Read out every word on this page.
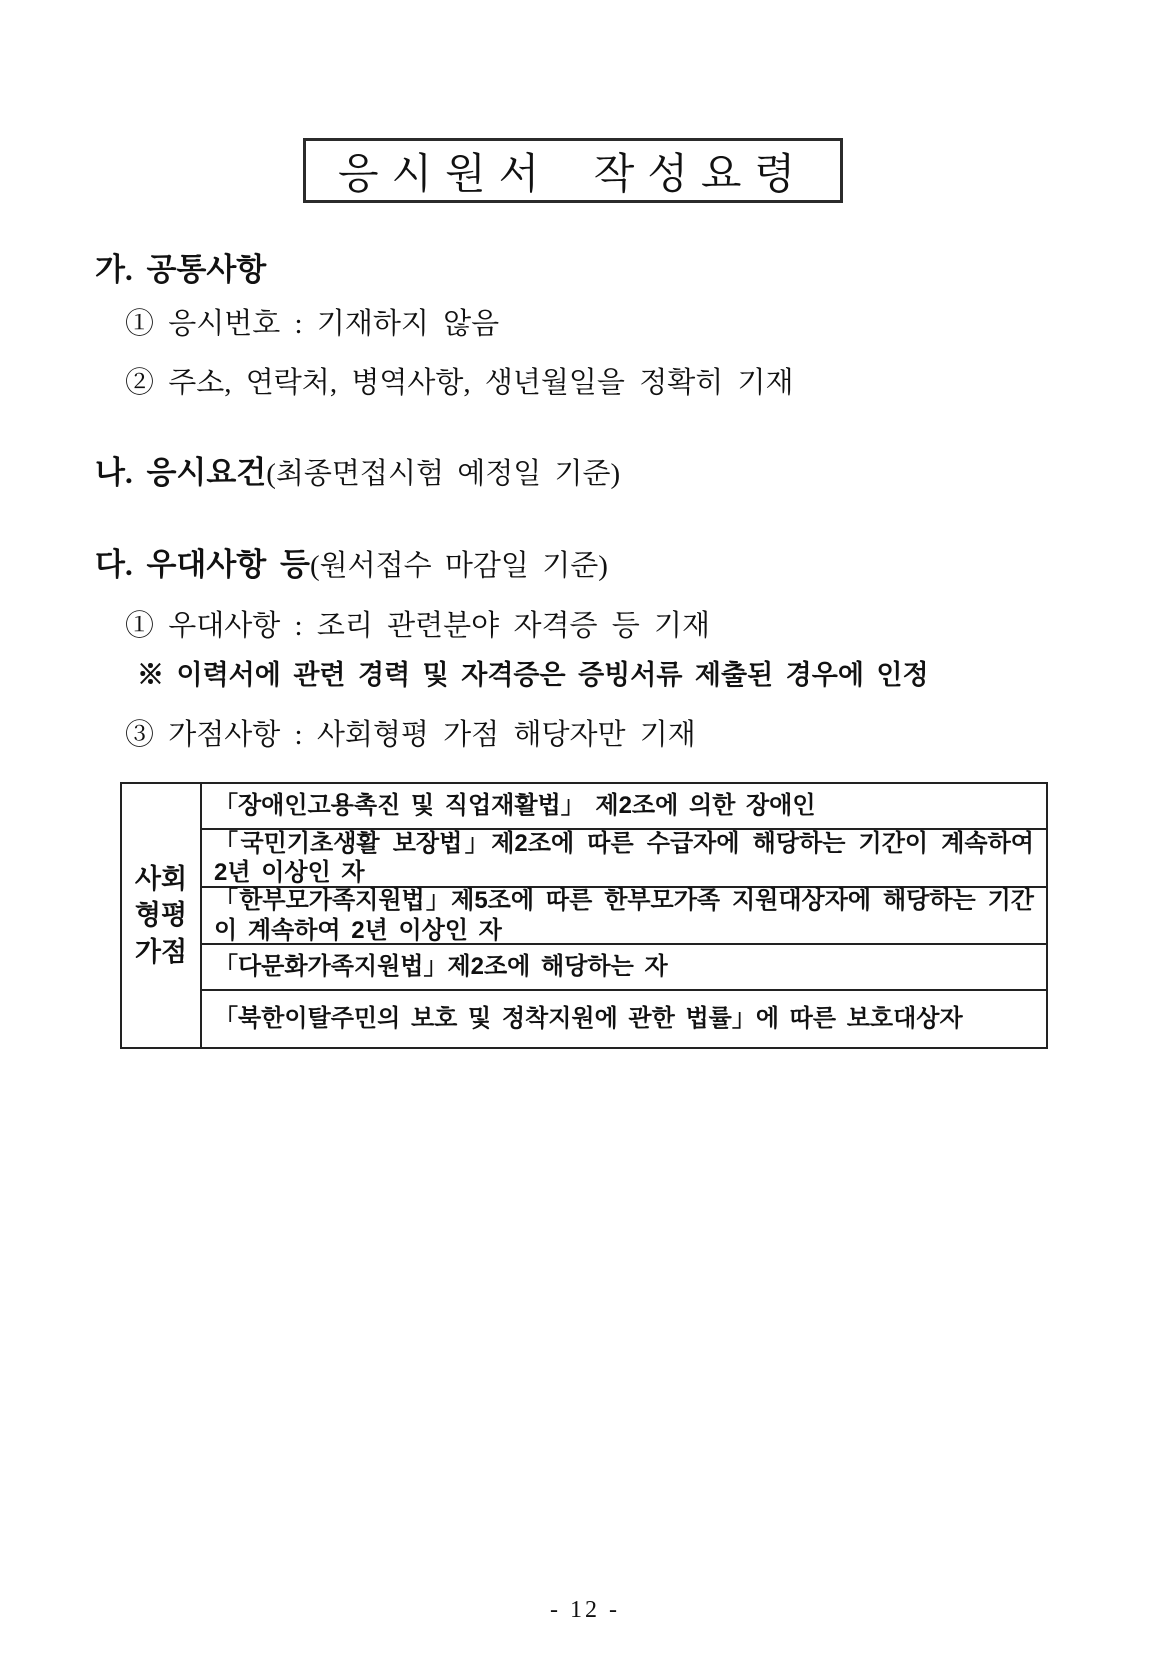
응시원서 작성요령
가. 공통사항
① 응시번호 : 기재하지 않음
② 주소, 연락처, 병역사항, 생년월일을 정확히 기재
나. 응시요건(최종면접시험 예정일 기준)
다. 우대사항 등(원서접수 마감일 기준)
① 우대사항 : 조리 관련분야 자격증 등 기재
※ 이력서에 관련 경력 및 자격증은 증빙서류 제출된 경우에 인정
③ 가점사항 : 사회형평 가점 해당자만 기재
사회
형평
가점
「장애인고용촉진 및 직업재활법」 제2조에 의한 장애인
「국민기초생활 보장법」제2조에 따른 수급자에 해당하는 기간이 계속하여 2년 이상인 자
「한부모가족지원법」제5조에 따른 한부모가족 지원대상자에 해당하는 기간이 계속하여 2년 이상인 자
「다문화가족지원법」제2조에 해당하는 자
「북한이탈주민의 보호 및 정착지원에 관한 법률」에 따른 보호대상자
- 12 -
